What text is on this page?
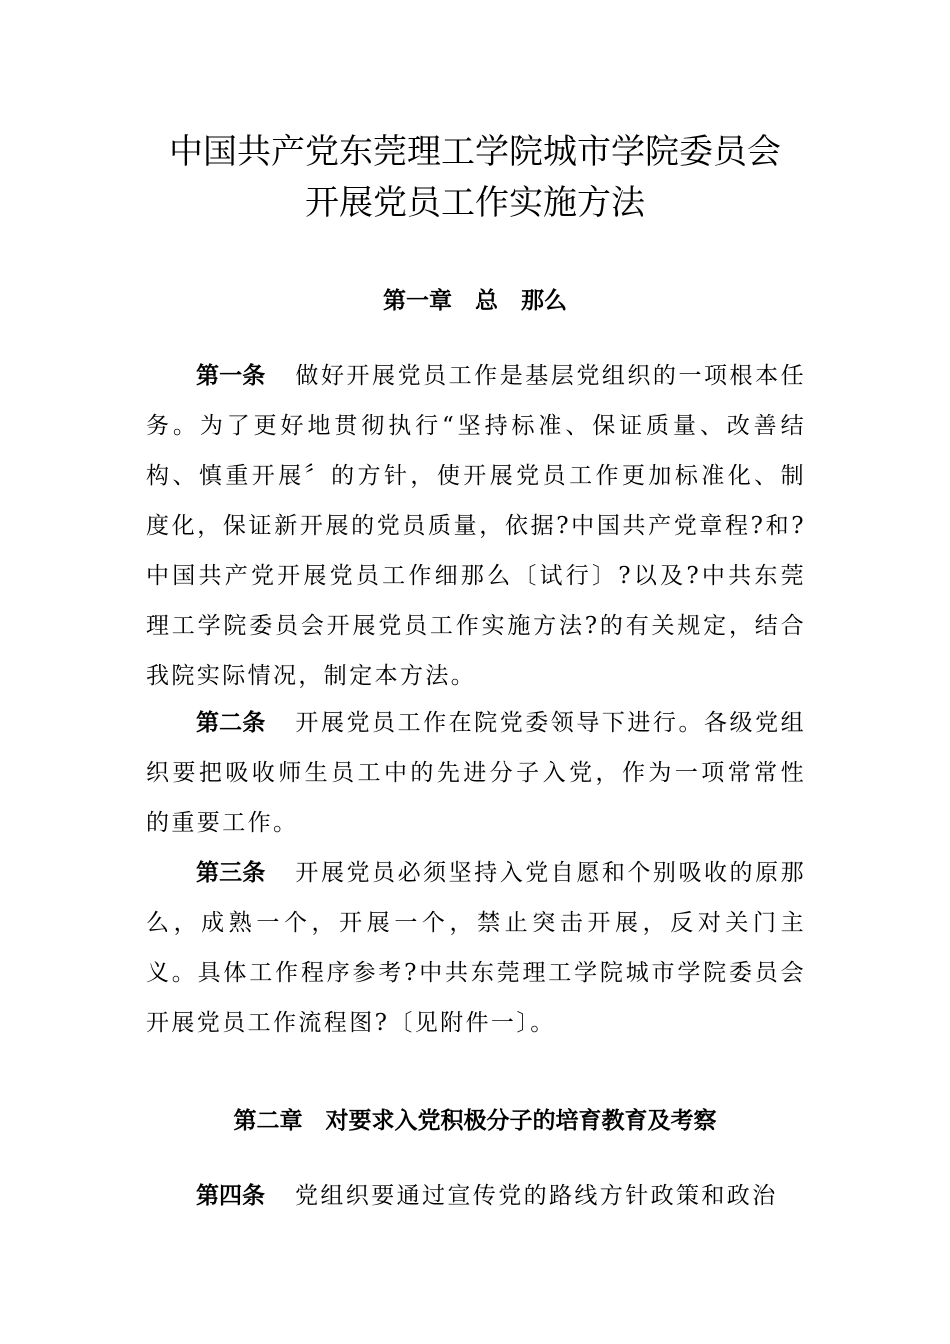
中国共产党东莞理工学院城市学院委员会
开展党员工作实施方法
第一章　总　那么

第一条 做好开展党员工作是基层党组织的一项根本任务。为了更好地贯彻执行“坚持标准、保证质量、改善结构、慎重开展〞的方针，使开展党员工作更加标准化、制度化，保证新开展的党员质量，依据?中国共产党章程?和?中国共产党开展党员工作细那么〔试行〕?以及?中共东莞理工学院委员会开展党员工作实施方法?的有关规定，结合我院实际情况，制定本方法。

第二条 开展党员工作在院党委领导下进行。各级党组织要把吸收师生员工中的先进分子入党，作为一项常常性的重要工作。

第三条 开展党员必须坚持入党自愿和个别吸收的原那么，成熟一个，开展一个，禁止突击开展，反对关门主义。具体工作程序参考?中共东莞理工学院城市学院委员会开展党员工作流程图?〔见附件一〕。

第二章　对要求入党积极分子的培育教育及考察

第四条 党组织要通过宣传党的路线方针政策和政治
